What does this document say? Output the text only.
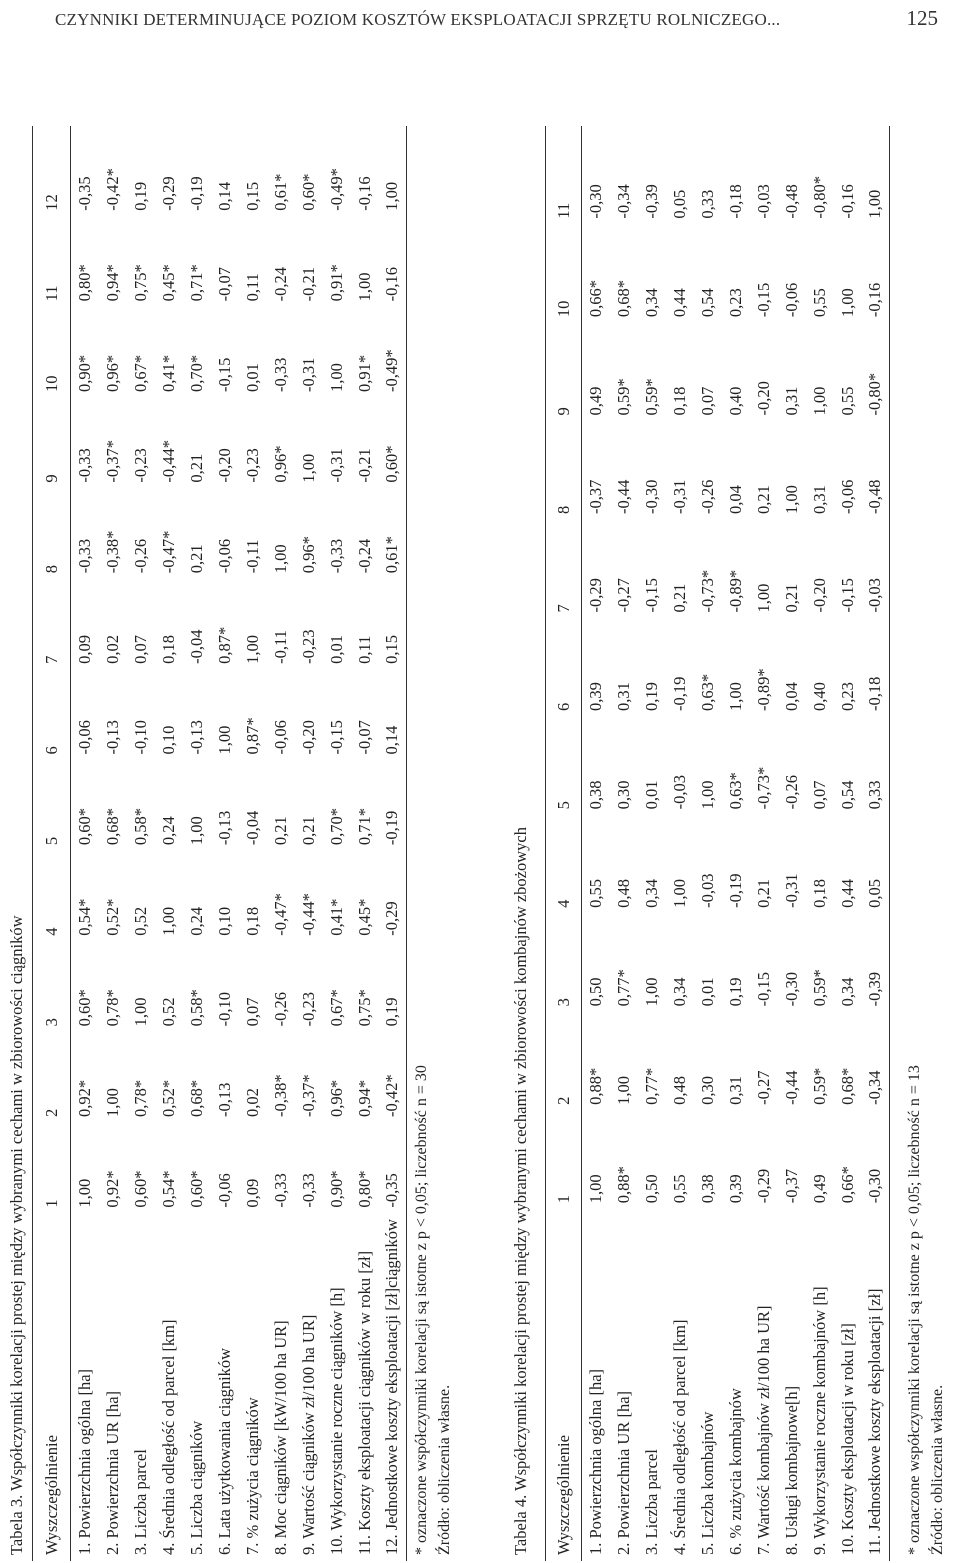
CZYNNIKI DETERMINUJĄCE POZIOM KOSZTÓW EKSPLOATACJI SPRZĘTU ROLNICZEGO...	125
Tabela 3. Współczynniki korelacji prostej między wybranymi cechami w zbiorowości ciągników Wyszczególnienie	1	2	3	4	5	6	7	8	9	10	11	12
1. Powierzchnia ogólna [ha]	1,00	0,92*	0,60*	0,54*	0,60*	-0,06	0,09	-0,33	-0,33	0,90*	0,80*	-0,35
2. Powierzchnia UR [ha]	0,92*	1,00	0,78*	0,52*	0,68*	-0,13	0,02	-0,38*	-0,37*	0,96*	0,94*	-0,42*
3. Liczba parcel	0,60*	0,78*	1,00	0,52	0,58*	-0,10	0,07	-0,26	-0,23	0,67*	0,75*	0,19
4. Średnia odległość od parcel [km]	0,54*	0,52*	0,52	1,00	0,24	0,10	0,18	-0,47*	-0,44*	0,41*	0,45*	-0,29
5. Liczba ciągników	0,60*	0,68*	0,58*	0,24	1,00	-0,13	-0,04	0,21	0,21	0,70*	0,71*	-0,19
6. Lata użytkowania ciągników	-0,06	-0,13	-0,10	0,10	-0,13	1,00	0,87*	-0,06	-0,20	-0,15	-0,07	0,14
7. % zużycia ciągników	0,09	0,02	0,07	0,18	-0,04	0,87*	1,00	-0,11	-0,23	0,01	0,11	0,15
8. Moc ciągników [kW/100 ha UR]	-0,33	-0,38*	-0,26	-0,47*	0,21	-0,06	-0,11	1,00	0,96*	-0,33	-0,24	0,61*
9. Wartość ciągników zł/100 ha UR]	-0,33	-0,37*	-0,23	-0,44*	0,21	-0,20	-0,23	0,96*	1,00	-0,31	-0,21	0,60*
10. Wykorzystanie roczne ciągników [h]	0,90*	0,96*	0,67*	0,41*	0,70*	-0,15	0,01	-0,33	-0,31	1,00	0,91*	-0,49*
11. Koszty eksploatacji ciągników w roku [zł]	0,80*	0,94*	0,75*	0,45*	0,71*	-0,07	0,11	-0,24	-0,21	0,91*	1,00	-0,16
12. Jednostkowe koszty eksploatacji [zł]ciągników	-0,35	-0,42*	0,19	-0,29	-0,19	0,14	0,15	0,61*	0,60*	-0,49*	-0,16	1,00
* oznaczone współczynniki korelacji są istotne z p < 0,05; liczebność n = 30 Źródło: obliczenia własne.	Tabela 4. Współczynniki korelacji prostej między wybranymi cechami w zbiorowości kombajnów zbożowych Wyszczególnienie	1	2	3	4	5	6	7	8	9	10	11
1. Powierzchnia ogólna [ha]	1,00	0,88*	0,50	0,55	0,38	0,39	-0,29	-0,37	0,49	0,66*	-0,30
2. Powierzchnia UR [ha]	0,88*	1,00	0,77*	0,48	0,30	0,31	-0,27	-0,44	0,59*	0,68*	-0,34
3. Liczba parcel	0,50	0,77*	1,00	0,34	0,01	0,19	-0,15	-0,30	0,59*	0,34	-0,39
4. Średnia odległość od parcel [km]	0,55	0,48	0,34	1,00	-0,03	-0,19	0,21	-0,31	0,18	0,44	0,05
5. Liczba kombajnów	0,38	0,30	0,01	-0,03	1,00	0,63*	-0,73*	-0,26	0,07	0,54	0,33
6. % zużycia kombajnów	0,39	0,31	0,19	-0,19	0,63*	1,00	-0,89*	0,04	0,40	0,23	-0,18
7. Wartość kombajnów zł/100 ha UR]	-0,29	-0,27	-0,15	0,21	-0,73*	-0,89*	1,00	0,21	-0,20	-0,15	-0,03
8. Usługi kombajnowe[h]	-0,37	-0,44	-0,30	-0,31	-0,26	0,04	0,21	1,00	0,31	-0,06	-0,48
9. Wykorzystanie roczne kombajnów [h]	0,49	0,59*	0,59*	0,18	0,07	0,40	-0,20	0,31	1,00	0,55	-0,80*
10. Koszty eksploatacji w roku [zł]	0,66*	0,68*	0,34	0,44	0,54	0,23	-0,15	-0,06	0,55	1,00	-0,16
11. Jednostkowe koszty eksploatacji [zł]	-0,30	-0,34	-0,39	0,05	0,33	-0,18	-0,03	-0,48	-0,80*	-0,16	1,00
* oznaczone współczynniki korelacji są istotne z p < 0,05; liczebność n = 13 Źródło: obliczenia własne.
